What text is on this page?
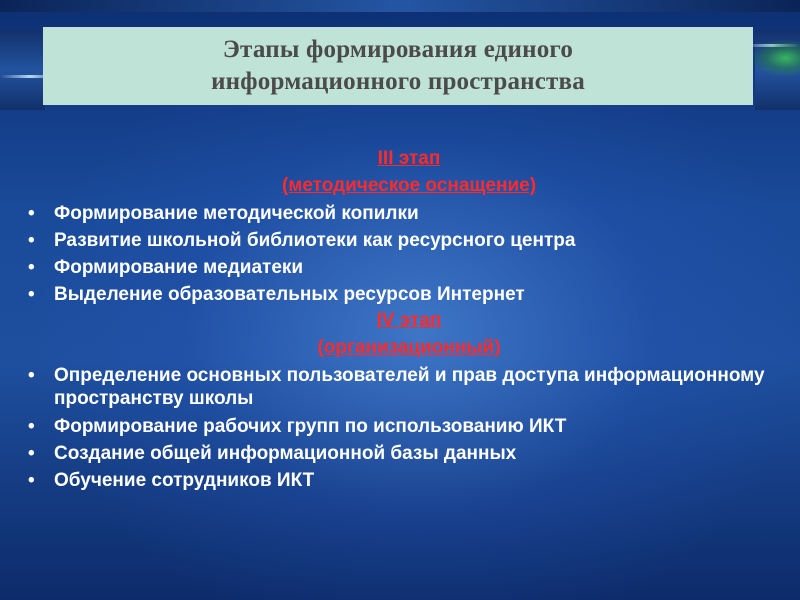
Этапы формирования единого
информационного пространства
III этап
(методическое оснащение)
• Формирование методической копилки
• Развитие школьной библиотеки как ресурсного центра
• Формирование медиатеки
• Выделение образовательных ресурсов Интернет
IV этап
(организационный)
• Определение основных пользователей и прав доступа информационному пространству школы
• Формирование рабочих групп по использованию ИКТ
• Создание общей информационной базы данных
• Обучение сотрудников ИКТ
